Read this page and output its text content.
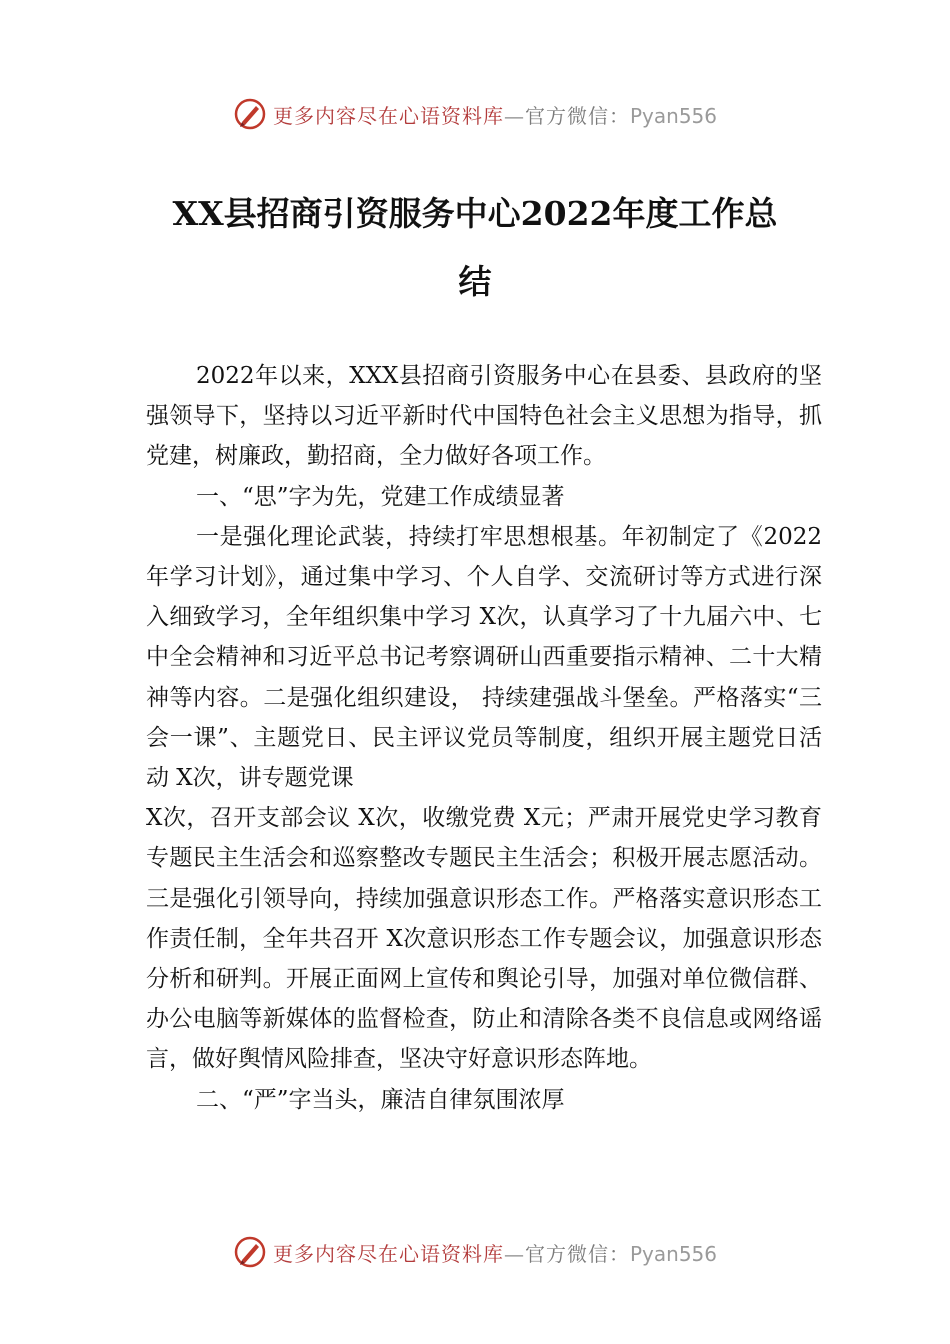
更多内容尽在心语资料库—官方微信：Pyan556
XX县招商引资服务中心2022年度工作总
结

2022年以来，XXX县招商引资服务中心在县委、县政府的坚强领导下，坚持以习近平新时代中国特色社会主义思想为指导，抓党建，树廉政，勤招商，全力做好各项工作。

一、“思”字为先，党建工作成绩显著

一是强化理论武装，持续打牢思想根基。年初制定了《2022 年学习计划》，通过集中学习、个人自学、交流研讨等方式进行深入细致学习，全年组织集中学习 X次，认真学习了十九届六中、七中全会精神和习近平总书记考察调研山西重要指示精神、二十大精神等内容。二是强化组织建设， 持续建强战斗堡垒。严格落实“三会一课”、主题党日、民主评议党员等制度，组织开展主题党日活动 X次，讲专题党课

X次，召开支部会议 X次，收缴党费 X元；严肃开展党史学习教育专题民主生活会和巡察整改专题民主生活会；积极开展志愿活动。三是强化引领导向，持续加强意识形态工作。严格落实意识形态工作责任制，全年共召开 X次意识形态工作专题会议，加强意识形态分析和研判。开展正面网上宣传和舆论引导，加强对单位微信群、办公电脑等新媒体的监督检查，防止和清除各类不良信息或网络谣言，做好舆情风险排查，坚决守好意识形态阵地。

二、“严”字当头，廉洁自律氛围浓厚

更多内容尽在心语资料库—官方微信：Pyan556
